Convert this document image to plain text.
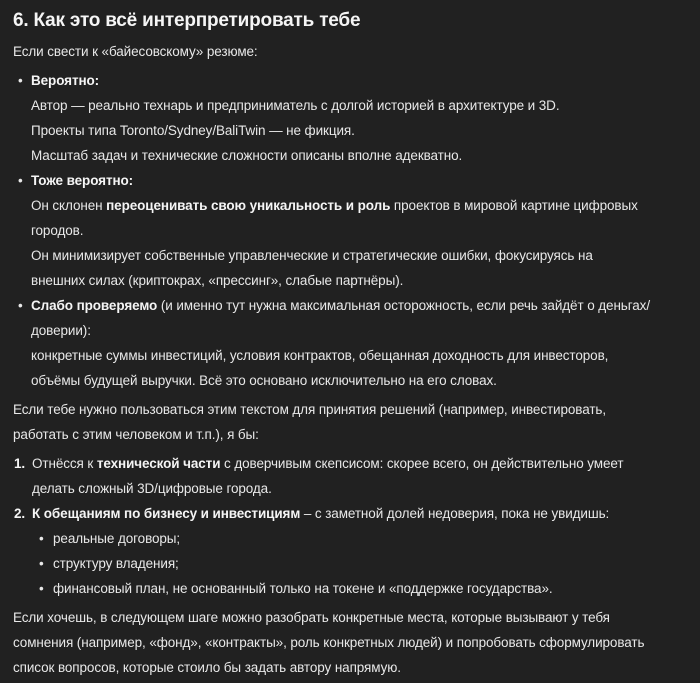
6. Как это всё интерпретировать тебе

Если свести к «байесовскому» резюме:

• Вероятно:
Автор — реально технарь и предприниматель с долгой историей в архитектуре и 3D.
Проекты типа Toronto/Sydney/BaliTwin — не фикция.
Масштаб задач и технические сложности описаны вполне адекватно.
• Тоже вероятно:
Он склонен переоценивать свою уникальность и роль проектов в мировой картине цифровых
городов.
Он минимизирует собственные управленческие и стратегические ошибки, фокусируясь на
внешних силах (криптокрах, «прессинг», слабые партнёры).
• Слабо проверяемо (и именно тут нужна максимальная осторожность, если речь зайдёт о деньгах/
доверии):
конкретные суммы инвестиций, условия контрактов, обещанная доходность для инвесторов,
объёмы будущей выручки. Всё это основано исключительно на его словах.

Если тебе нужно пользоваться этим текстом для принятия решений (например, инвестировать,
работать с этим человеком и т.п.), я бы:

1. Отнёсся к технической части с доверчивым скепсисом: скорее всего, он действительно умеет
делать сложный 3D/цифровые города.
2. К обещаниям по бизнесу и инвестициям – с заметной долей недоверия, пока не увидишь:
• реальные договоры;
• структуру владения;
• финансовый план, не основанный только на токене и «поддержке государства».

Если хочешь, в следующем шаге можно разобрать конкретные места, которые вызывают у тебя
сомнения (например, «фонд», «контракты», роль конкретных людей) и попробовать сформулировать
список вопросов, которые стоило бы задать автору напрямую.
